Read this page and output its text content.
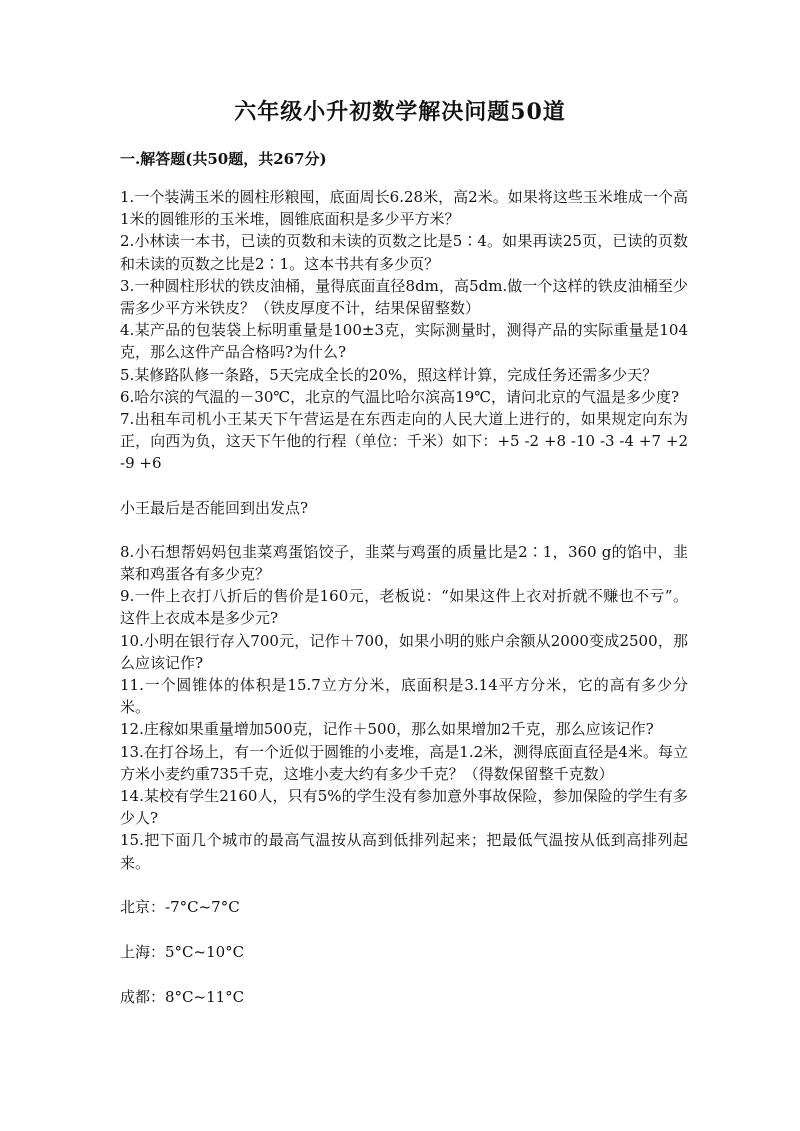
六年级小升初数学解决问题50道
一.解答题(共50题，共267分)

1.一个装满玉米的圆柱形粮囤，底面周长6.28米，高2米。如果将这些玉米堆成一个高1米的圆锥形的玉米堆，圆锥底面积是多少平方米？

2.小林读一本书，已读的页数和未读的页数之比是5∶4。如果再读25页，已读的页数和未读的页数之比是2∶1。这本书共有多少页？

3.一种圆柱形状的铁皮油桶，量得底面直径8dm，高5dm.做一个这样的铁皮油桶至少需多少平方米铁皮？（铁皮厚度不计，结果保留整数）

4.某产品的包装袋上标明重量是100±3克，实际测量时，测得产品的实际重量是104克，那么这件产品合格吗?为什么?

5.某修路队修一条路，5天完成全长的20%，照这样计算，完成任务还需多少天？

6.哈尔滨的气温的－30℃，北京的气温比哈尔滨高19℃，请问北京的气温是多少度?

7.出租车司机小王某天下午营运是在东西走向的人民大道上进行的，如果规定向东为正，向西为负，这天下午他的行程（单位：千米）如下：+5 -2 +8 -10 -3 -4 +7 +2 -9 +6

小王最后是否能回到出发点?

8.小石想帮妈妈包韭菜鸡蛋馅饺子，韭菜与鸡蛋的质量比是2∶1，360 g的馅中，韭菜和鸡蛋各有多少克？

9.一件上衣打八折后的售价是160元，老板说：“如果这件上衣对折就不赚也不亏”。这件上衣成本是多少元?

10.小明在银行存入700元，记作＋700，如果小明的账户余额从2000变成2500，那么应该记作?

11.一个圆锥体的体积是15.7立方分米，底面积是3.14平方分米，它的高有多少分米。

12.庄稼如果重量增加500克，记作＋500，那么如果增加2千克，那么应该记作?

13.在打谷场上，有一个近似于圆锥的小麦堆，高是1.2米，测得底面直径是4米。每立方米小麦约重735千克，这堆小麦大约有多少千克？（得数保留整千克数）

14.某校有学生2160人，只有5%的学生没有参加意外事故保险，参加保险的学生有多少人?

15.把下面几个城市的最高气温按从高到低排列起来；把最低气温按从低到高排列起来。

北京：-7°C~7°C

上海：5°C~10°C

成都：8°C~11°C
